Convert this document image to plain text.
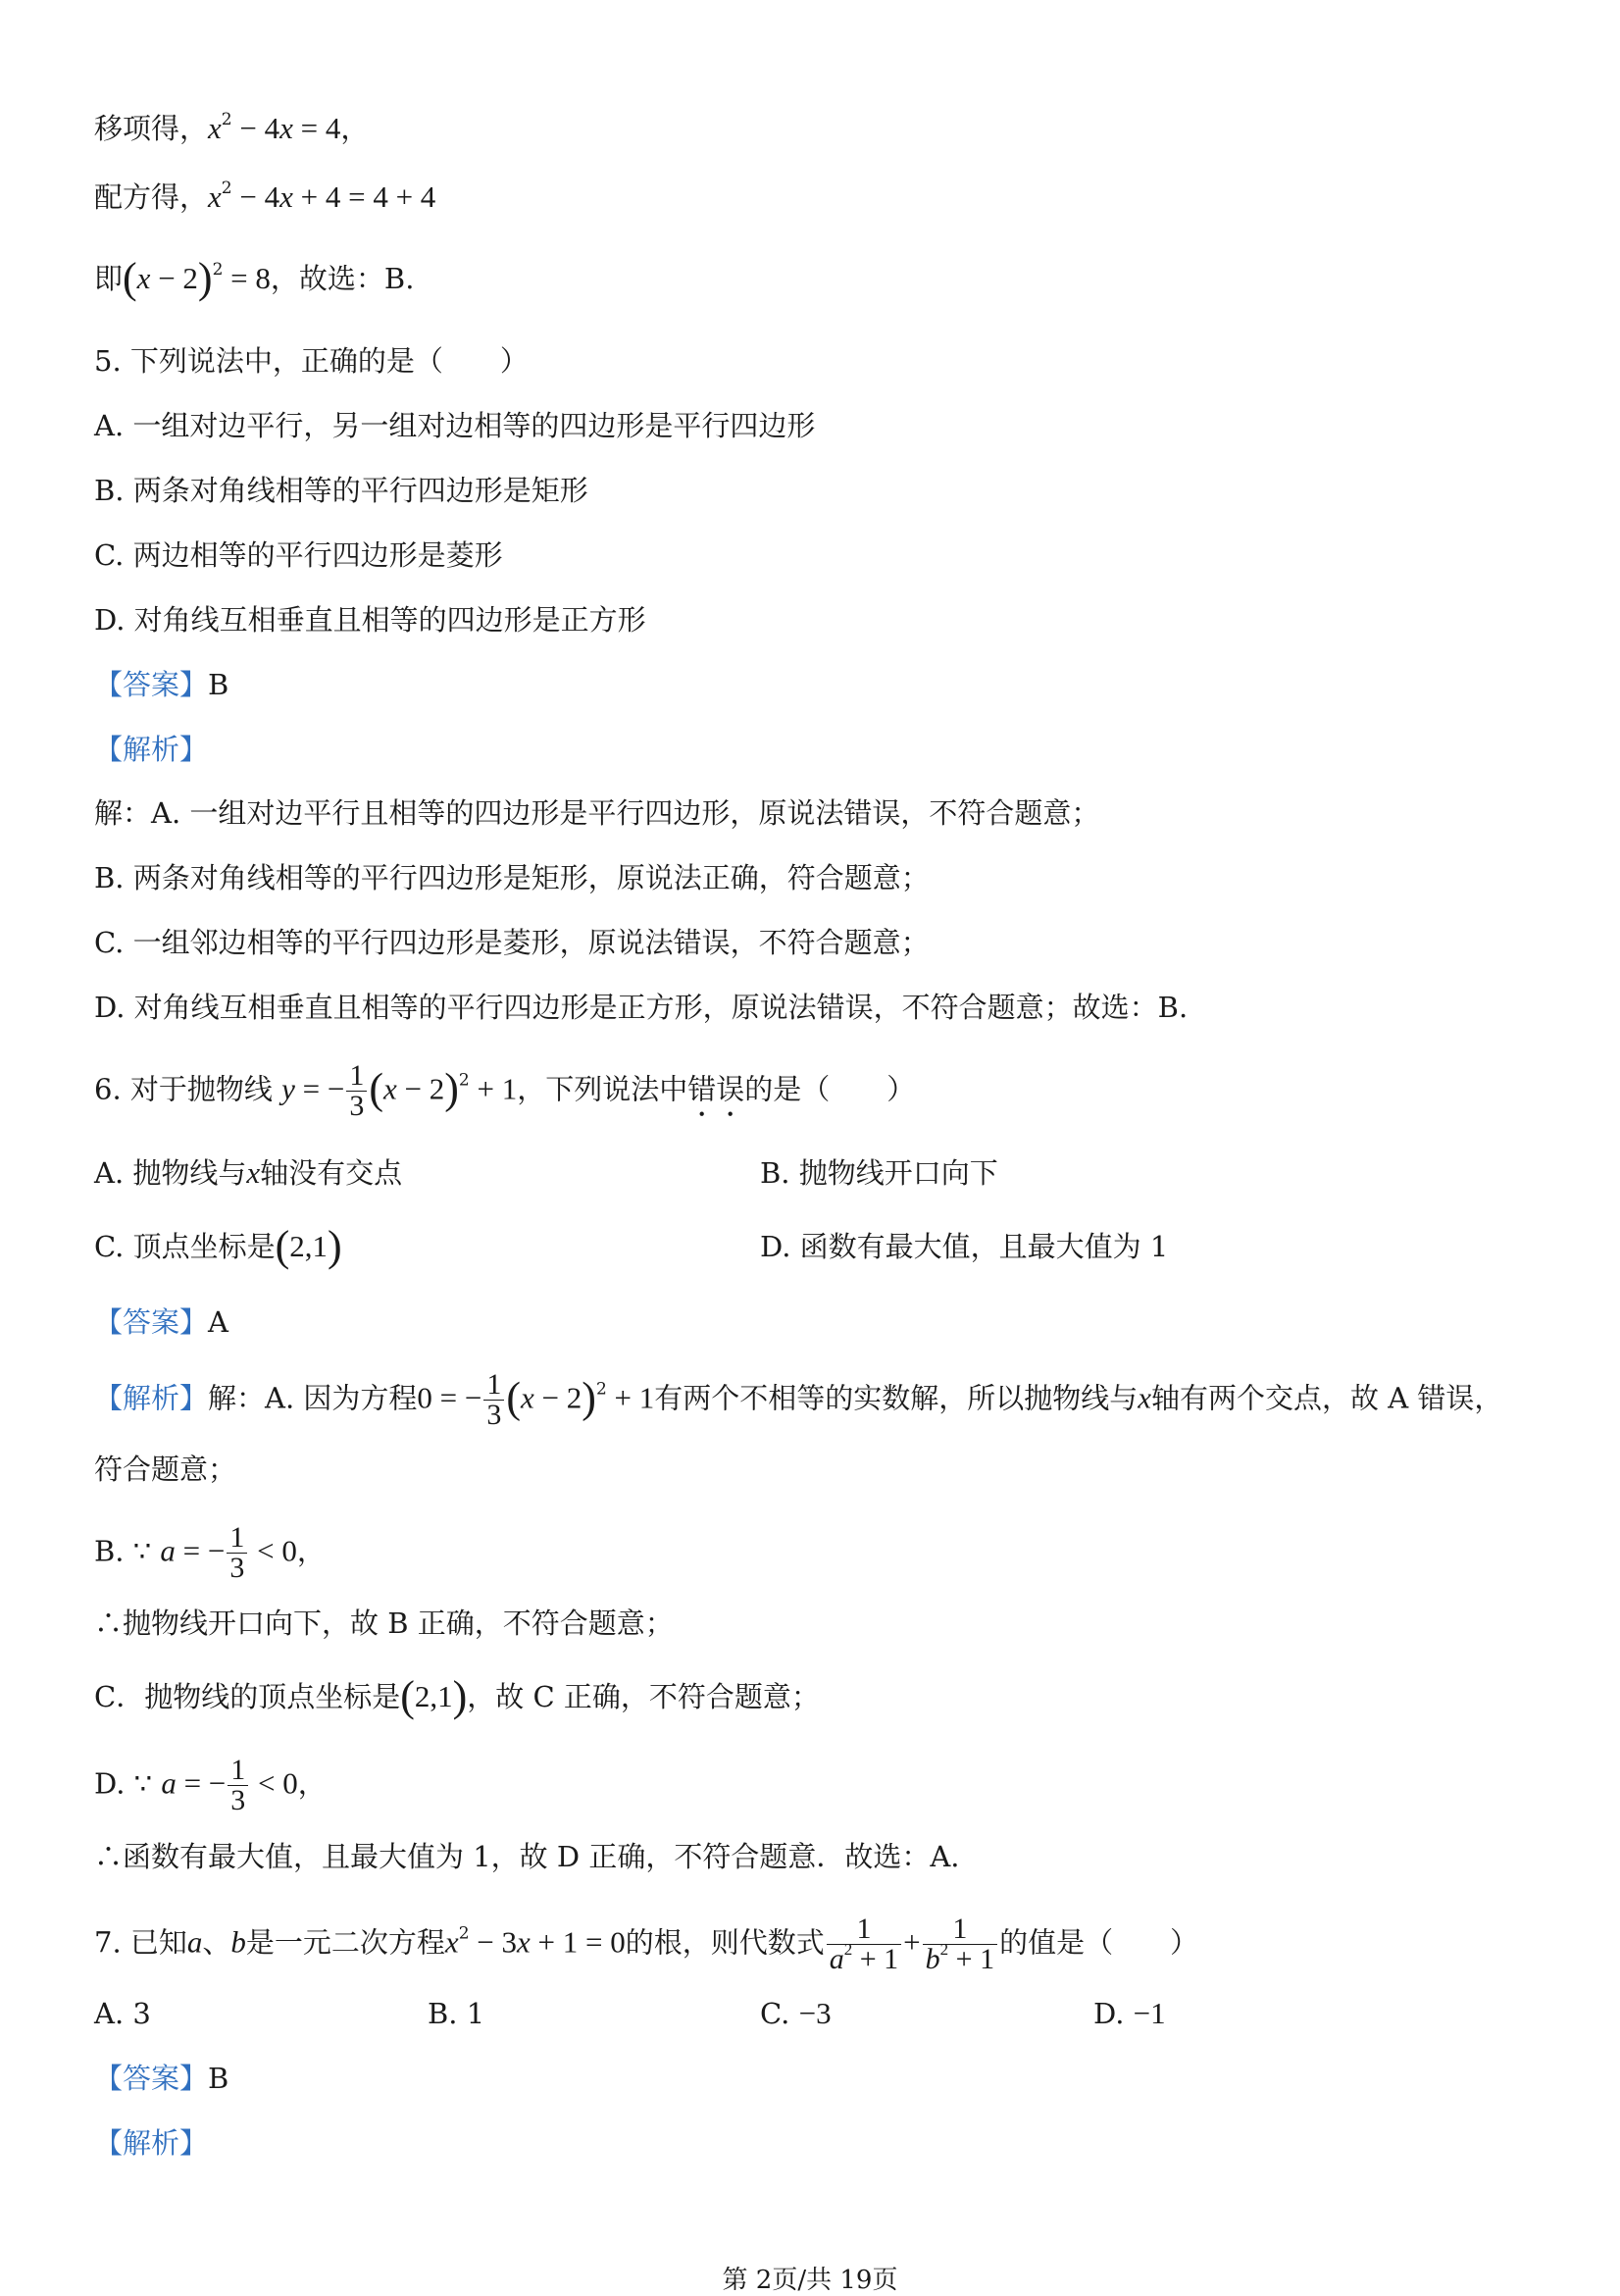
移项得，$x^2 - 4x = 4$，
配方得，$x^2 - 4x + 4 = 4 + 4$
即$(x - 2)^2 = 8$，故选：B.
5. 下列说法中，正确的是（　　）
A. 一组对边平行，另一组对边相等的四边形是平行四边形
B. 两条对角线相等的平行四边形是矩形
C. 两边相等的平行四边形是菱形
D. 对角线互相垂直且相等的四边形是正方形
【答案】B
【解析】
解：A. 一组对边平行且相等的四边形是平行四边形，原说法错误，不符合题意；
B. 两条对角线相等的平行四边形是矩形，原说法正确，符合题意；
C. 一组邻边相等的平行四边形是菱形，原说法错误，不符合题意；
D. 对角线互相垂直且相等的平行四边形是正方形，原说法错误，不符合题意；故选：B.
6. 对于抛物线 y = − $\frac{1}{3} (x - 2)^2 + 1$，下列说法中错误的是（　　）
A. 抛物线与x轴没有交点	B. 抛物线开口向下
C. 顶点坐标是(2,1)	D. 函数有最大值，且最大值为 1
【答案】A
【解析】解：A. 因为方程0 = − $\frac{1}{3} (x - 2)^2 + 1$有两个不相等的实数解，所以抛物线与x轴有两个交点，故 A 错误，
符合题意；
B. ∵ a = − $\frac{1}{3} < 0$，
∴抛物线开口向下，故 B 正确，不符合题意；
C．抛物线的顶点坐标是(2,1)，故 C 正确，不符合题意；
D. ∵ a = − $\frac{1}{3} < 0$，
∴函数有最大值，且最大值为 1，故 D 正确，不符合题意．故选：A.
7. 已知a、b是一元二次方程$x^2 - 3x + 1 = 0$的根，则代数式 $\frac{1}{a^2 + 1} + \frac{1}{b^2 + 1}$ 的值是（　　）
A. 3	B. 1	C. −3	D. −1
【答案】B
【解析】
第 2页/共 19页
